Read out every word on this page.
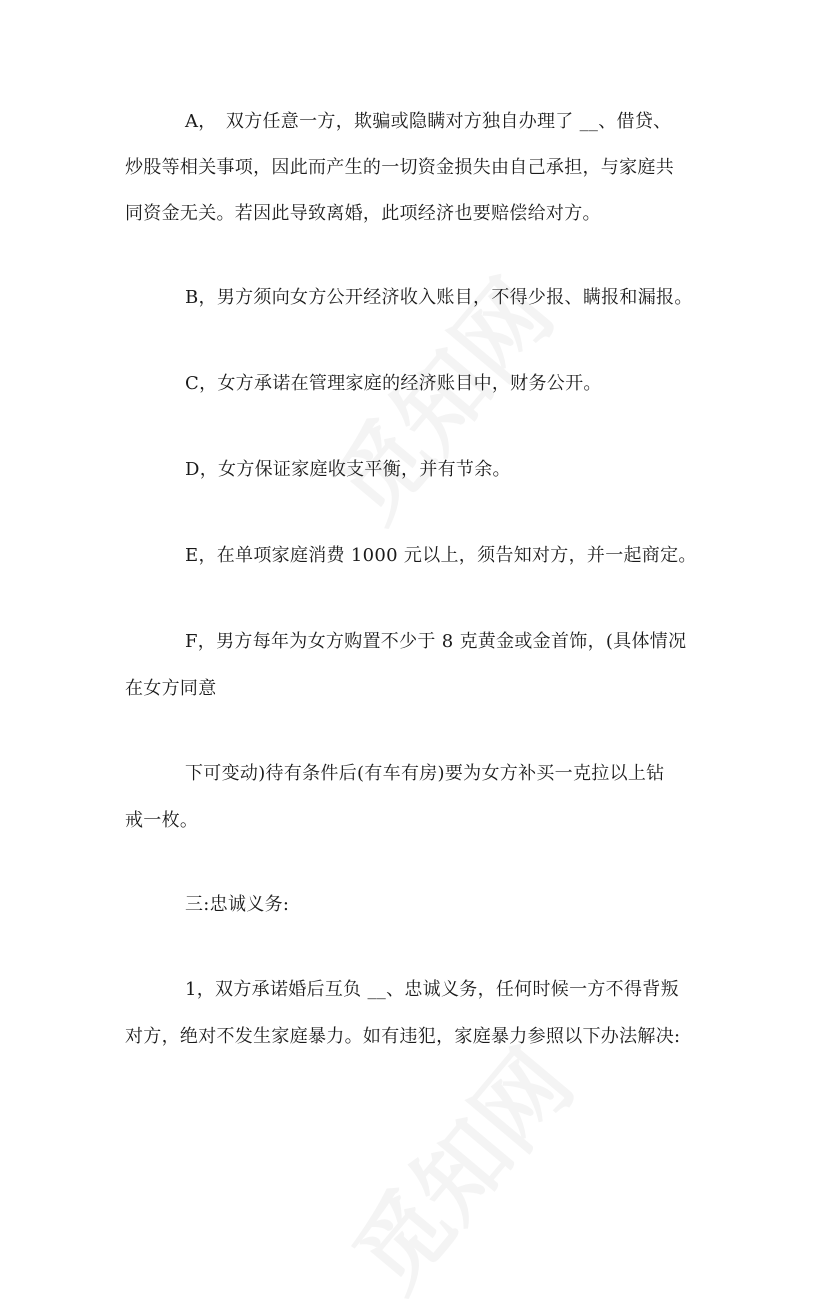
A，　双方任意一方，欺骗或隐瞒对方独自办理了 __、借贷、
炒股等相关事项，因此而产生的一切资金损失由自己承担，与家庭共
同资金无关。若因此导致离婚，此项经济也要赔偿给对方。
B，男方须向女方公开经济收入账目，不得少报、瞒报和漏报。
C，女方承诺在管理家庭的经济账目中，财务公开。
D，女方保证家庭收支平衡，并有节余。
E，在单项家庭消费 1000 元以上，须告知对方，并一起商定。
F，男方每年为女方购置不少于 8 克黄金或金首饰，(具体情况
在女方同意
下可变动)待有条件后(有车有房)要为女方补买一克拉以上钻
戒一枚。
三:忠诚义务:
1，双方承诺婚后互负 __、忠诚义务，任何时候一方不得背叛
对方，绝对不发生家庭暴力。如有违犯，家庭暴力参照以下办法解决:
